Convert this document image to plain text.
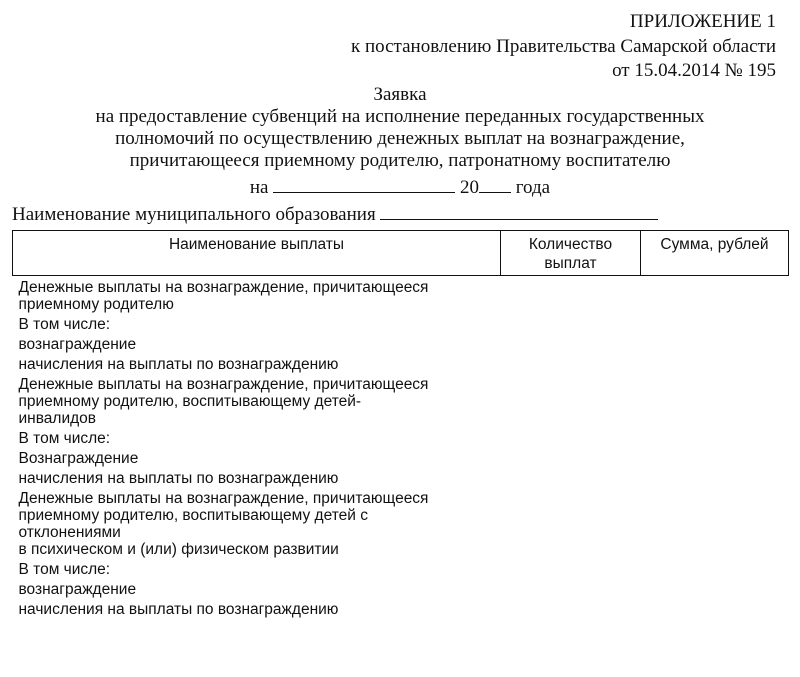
ПРИЛОЖЕНИЕ 1
к постановлению Правительства Самарской области
от 15.04.2014 № 195
Заявка
на предоставление субвенций на исполнение переданных государственных
полномочий по осуществлению денежных выплат на вознаграждение,
причитающееся приемному родителю, патронатному воспитателю
на	20 года
Наименование муниципального образования
Наименование выплаты	Количество выплат	Сумма, рублей

Денежные выплаты на вознаграждение, причитающееся
приемному родителю		

В том числе:		

вознаграждение		

начисления на выплаты по вознаграждению		

Денежные выплаты на вознаграждение, причитающееся
приемному родителю, воспитывающему детей-
инвалидов		

В том числе:		

Вознаграждение		

начисления на выплаты по вознаграждению		

Денежные выплаты на вознаграждение, причитающееся
приемному родителю, воспитывающему детей с
отклонениями
в психическом и (или) физическом развитии		

В том числе:		

вознаграждение		

начисления на выплаты по вознаграждению		
